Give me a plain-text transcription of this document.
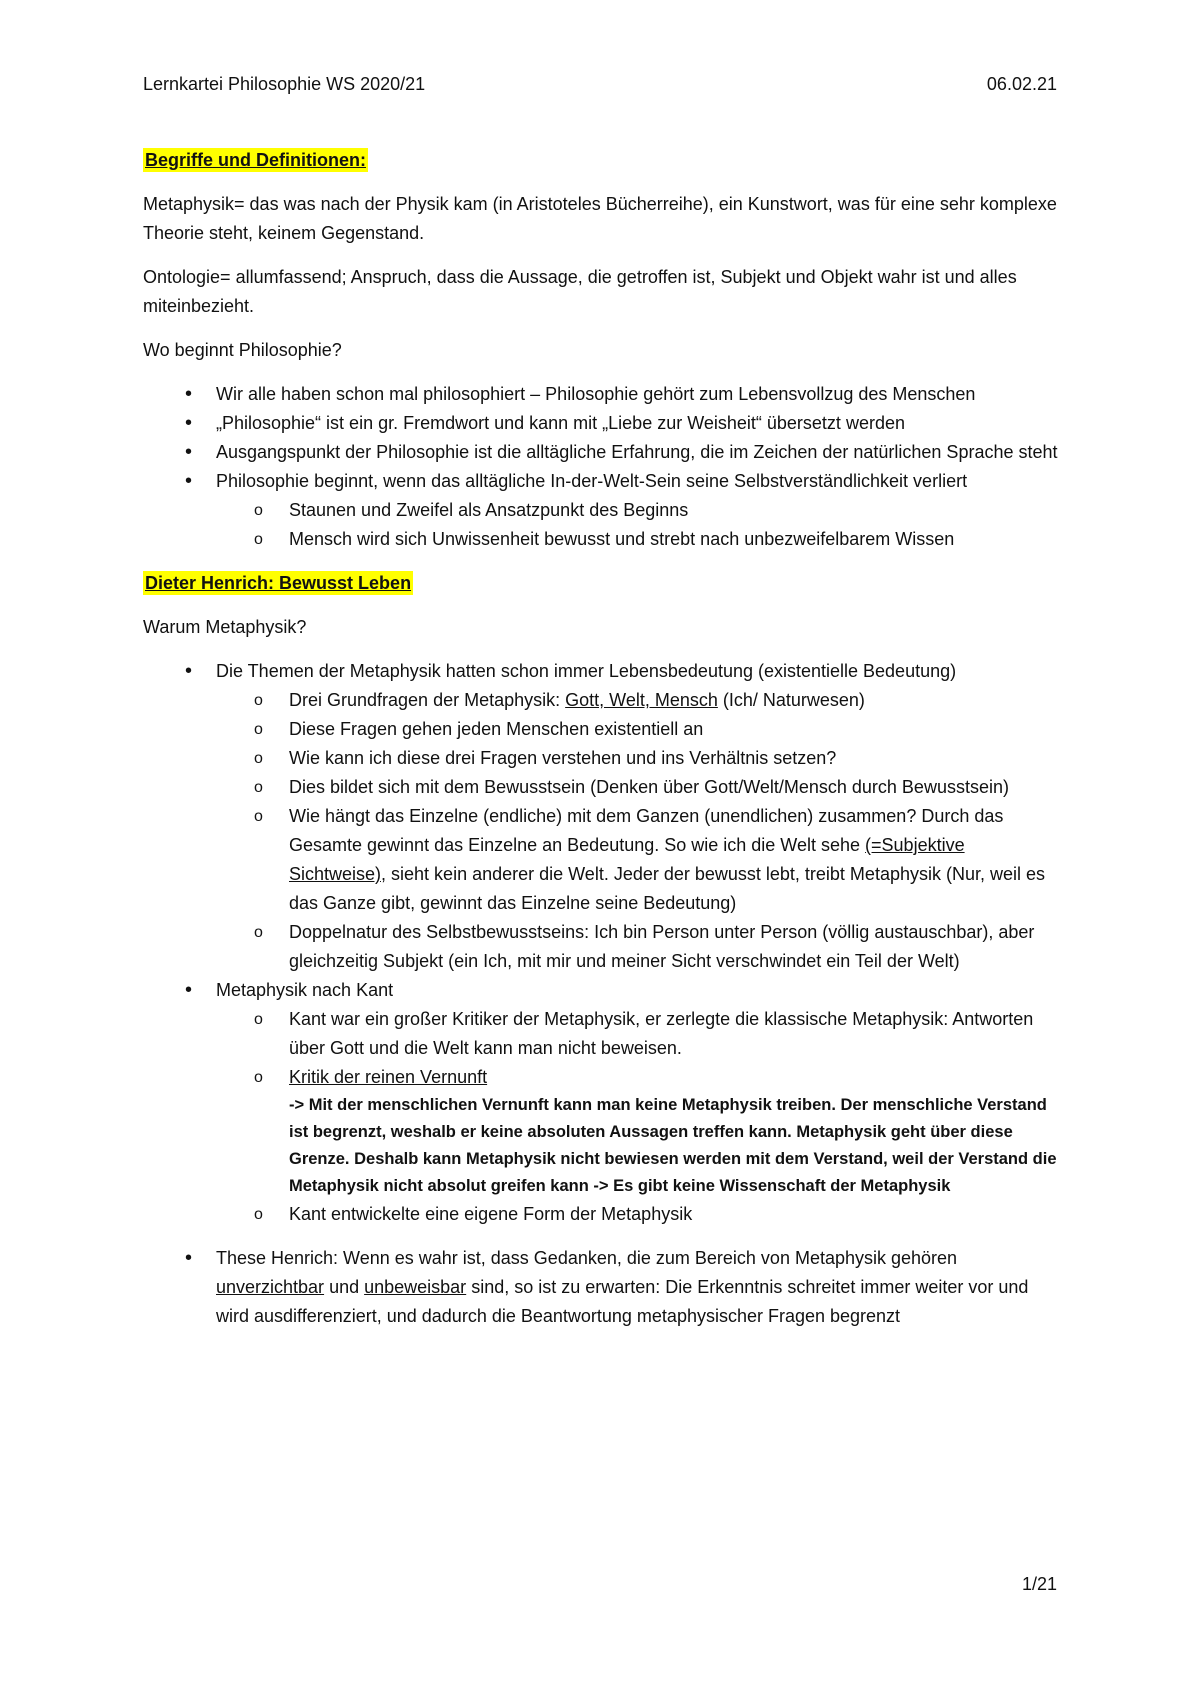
Lernkartei Philosophie WS 2020/21	06.02.21
Begriffe und Definitionen:

Metaphysik= das was nach der Physik kam (in Aristoteles Bücherreihe), ein Kunstwort, was für eine sehr komplexe Theorie steht, keinem Gegenstand.

Ontologie= allumfassend; Anspruch, dass die Aussage, die getroffen ist, Subjekt und Objekt wahr ist und alles miteinbezieht.

Wo beginnt Philosophie?

• Wir alle haben schon mal philosophiert – Philosophie gehört zum Lebensvollzug des Menschen
• „Philosophie“ ist ein gr. Fremdwort und kann mit „Liebe zur Weisheit“ übersetzt werden
• Ausgangspunkt der Philosophie ist die alltägliche Erfahrung, die im Zeichen der natürlichen Sprache steht
• Philosophie beginnt, wenn das alltägliche In-der-Welt-Sein seine Selbstverständlichkeit verliert
o Staunen und Zweifel als Ansatzpunkt des Beginns
o Mensch wird sich Unwissenheit bewusst und strebt nach unbezweifelbarem Wissen
Dieter Henrich: Bewusst Leben

Warum Metaphysik?

• Die Themen der Metaphysik hatten schon immer Lebensbedeutung (existentielle Bedeutung)
o Drei Grundfragen der Metaphysik: Gott, Welt, Mensch (Ich/ Naturwesen)
o Diese Fragen gehen jeden Menschen existentiell an
o Wie kann ich diese drei Fragen verstehen und ins Verhältnis setzen?
o Dies bildet sich mit dem Bewusstsein (Denken über Gott/Welt/Mensch durch Bewusstsein)
o Wie hängt das Einzelne (endliche) mit dem Ganzen (unendlichen) zusammen? Durch das Gesamte gewinnt das Einzelne an Bedeutung. So wie ich die Welt sehe (=Subjektive Sichtweise), sieht kein anderer die Welt. Jeder der bewusst lebt, treibt Metaphysik (Nur, weil es das Ganze gibt, gewinnt das Einzelne seine Bedeutung)
o Doppelnatur des Selbstbewusstseins: Ich bin Person unter Person (völlig austauschbar), aber gleichzeitig Subjekt (ein Ich, mit mir und meiner Sicht verschwindet ein Teil der Welt)
• Metaphysik nach Kant
o Kant war ein großer Kritiker der Metaphysik, er zerlegte die klassische Metaphysik: Antworten über Gott und die Welt kann man nicht beweisen.
o Kritik der reinen Vernunft
-> Mit der menschlichen Vernunft kann man keine Metaphysik treiben. Der menschliche Verstand ist begrenzt, weshalb er keine absoluten Aussagen treffen kann. Metaphysik geht über diese Grenze. Deshalb kann Metaphysik nicht bewiesen werden mit dem Verstand, weil der Verstand die Metaphysik nicht absolut greifen kann -> Es gibt keine Wissenschaft der Metaphysik
o Kant entwickelte eine eigene Form der Metaphysik
• These Henrich: Wenn es wahr ist, dass Gedanken, die zum Bereich von Metaphysik gehören unverzichtbar und unbeweisbar sind, so ist zu erwarten: Die Erkenntnis schreitet immer weiter vor und wird ausdifferenziert, und dadurch die Beantwortung metaphysischer Fragen begrenzt
1/21
